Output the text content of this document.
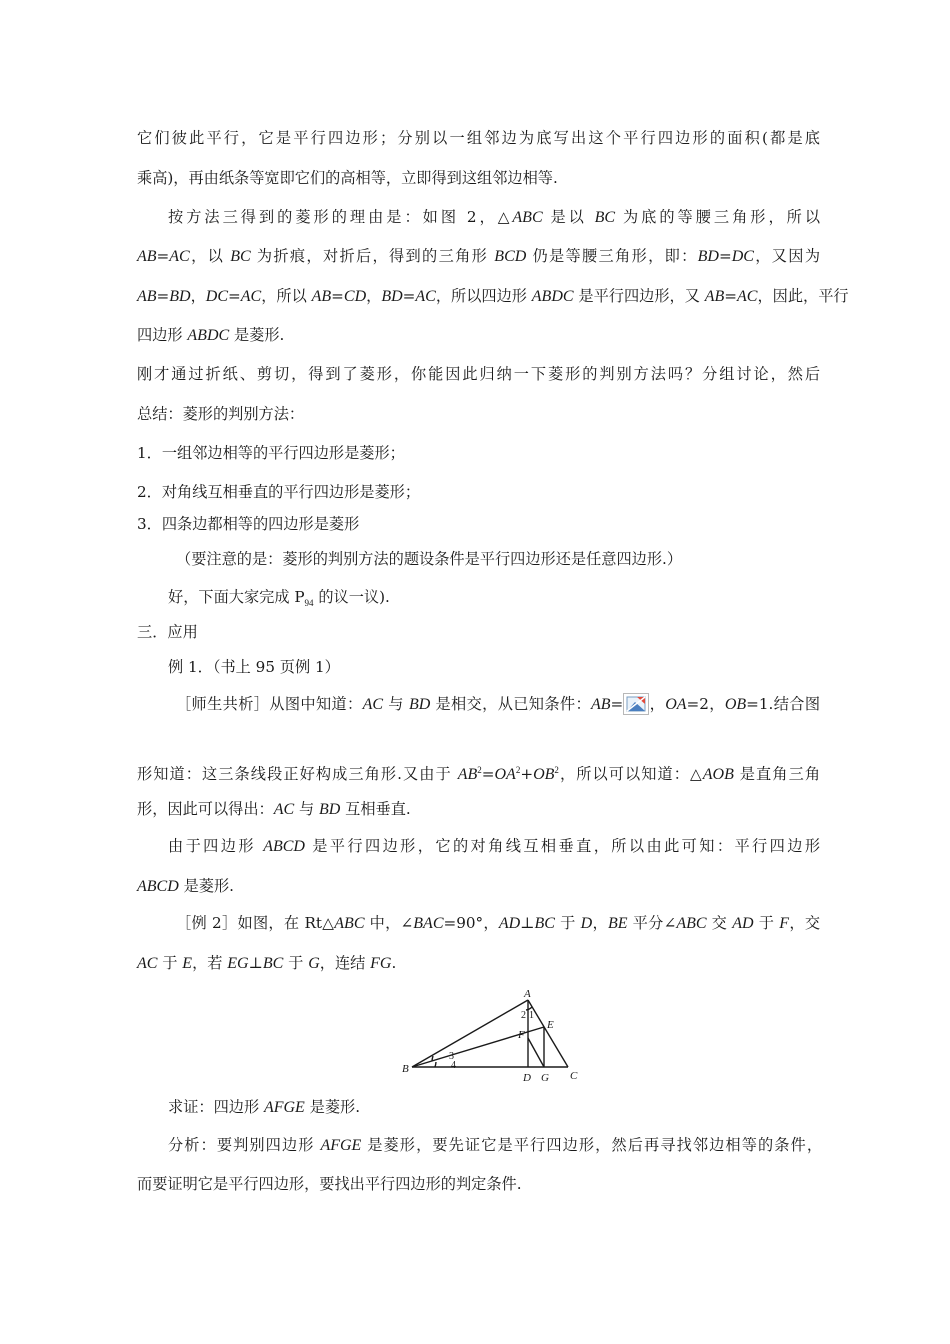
它们彼此平行，它是平行四边形；分别以一组邻边为底写出这个平行四边形的面积(都是底
乘高)，再由纸条等宽即它们的高相等，立即得到这组邻边相等.
按方法三得到的菱形的理由是：如图 2，△ABC 是以 BC 为底的等腰三角形，所以
AB=AC，以 BC 为折痕，对折后，得到的三角形 BCD 仍是等腰三角形，即：BD=DC，又因为
AB=BD，DC=AC，所以 AB=CD，BD=AC，所以四边形 ABDC 是平行四边形，又 AB=AC，因此，平行
四边形 ABDC 是菱形.
刚才通过折纸、剪切，得到了菱形，你能因此归纳一下菱形的判别方法吗？分组讨论，然后
总结：菱形的判别方法：
1．一组邻边相等的平行四边形是菱形；
2．对角线互相垂直的平行四边形是菱形；
3．四条边都相等的四边形是菱形
（要注意的是：菱形的判别方法的题设条件是平行四边形还是任意四边形.）
好，下面大家完成 $P_{94}$ 的议一议).
三．应用
例 1．（书上 95 页例 1）
［师生共析］从图中知道：AC 与 BD 是相交，从已知条件：AB= ，OA=2，OB=1.结合图
形知道：这三条线段正好构成三角形.又由于 $AB^2=OA^2+OB^2$，所以可以知道：△AOB 是直角三角
形，因此可以得出：AC 与 BD 互相垂直.
由于四边形 ABCD 是平行四边形，它的对角线互相垂直，所以由此可知：平行四边形
ABCD 是菱形.
［例 2］如图，在 Rt△ABC 中，∠BAC=90°，AD⊥BC 于 D，BE 平分∠ABC 交 AD 于 F，交
AC 于 E，若 EG⊥BC 于 G，连结 FG.
A
B
C
D
E
F
G
1
2
3
4
求证：四边形 AFGE 是菱形.
分析：要判别四边形 AFGE 是菱形，要先证它是平行四边形，然后再寻找邻边相等的条件，
而要证明它是平行四边形，要找出平行四边形的判定条件.
